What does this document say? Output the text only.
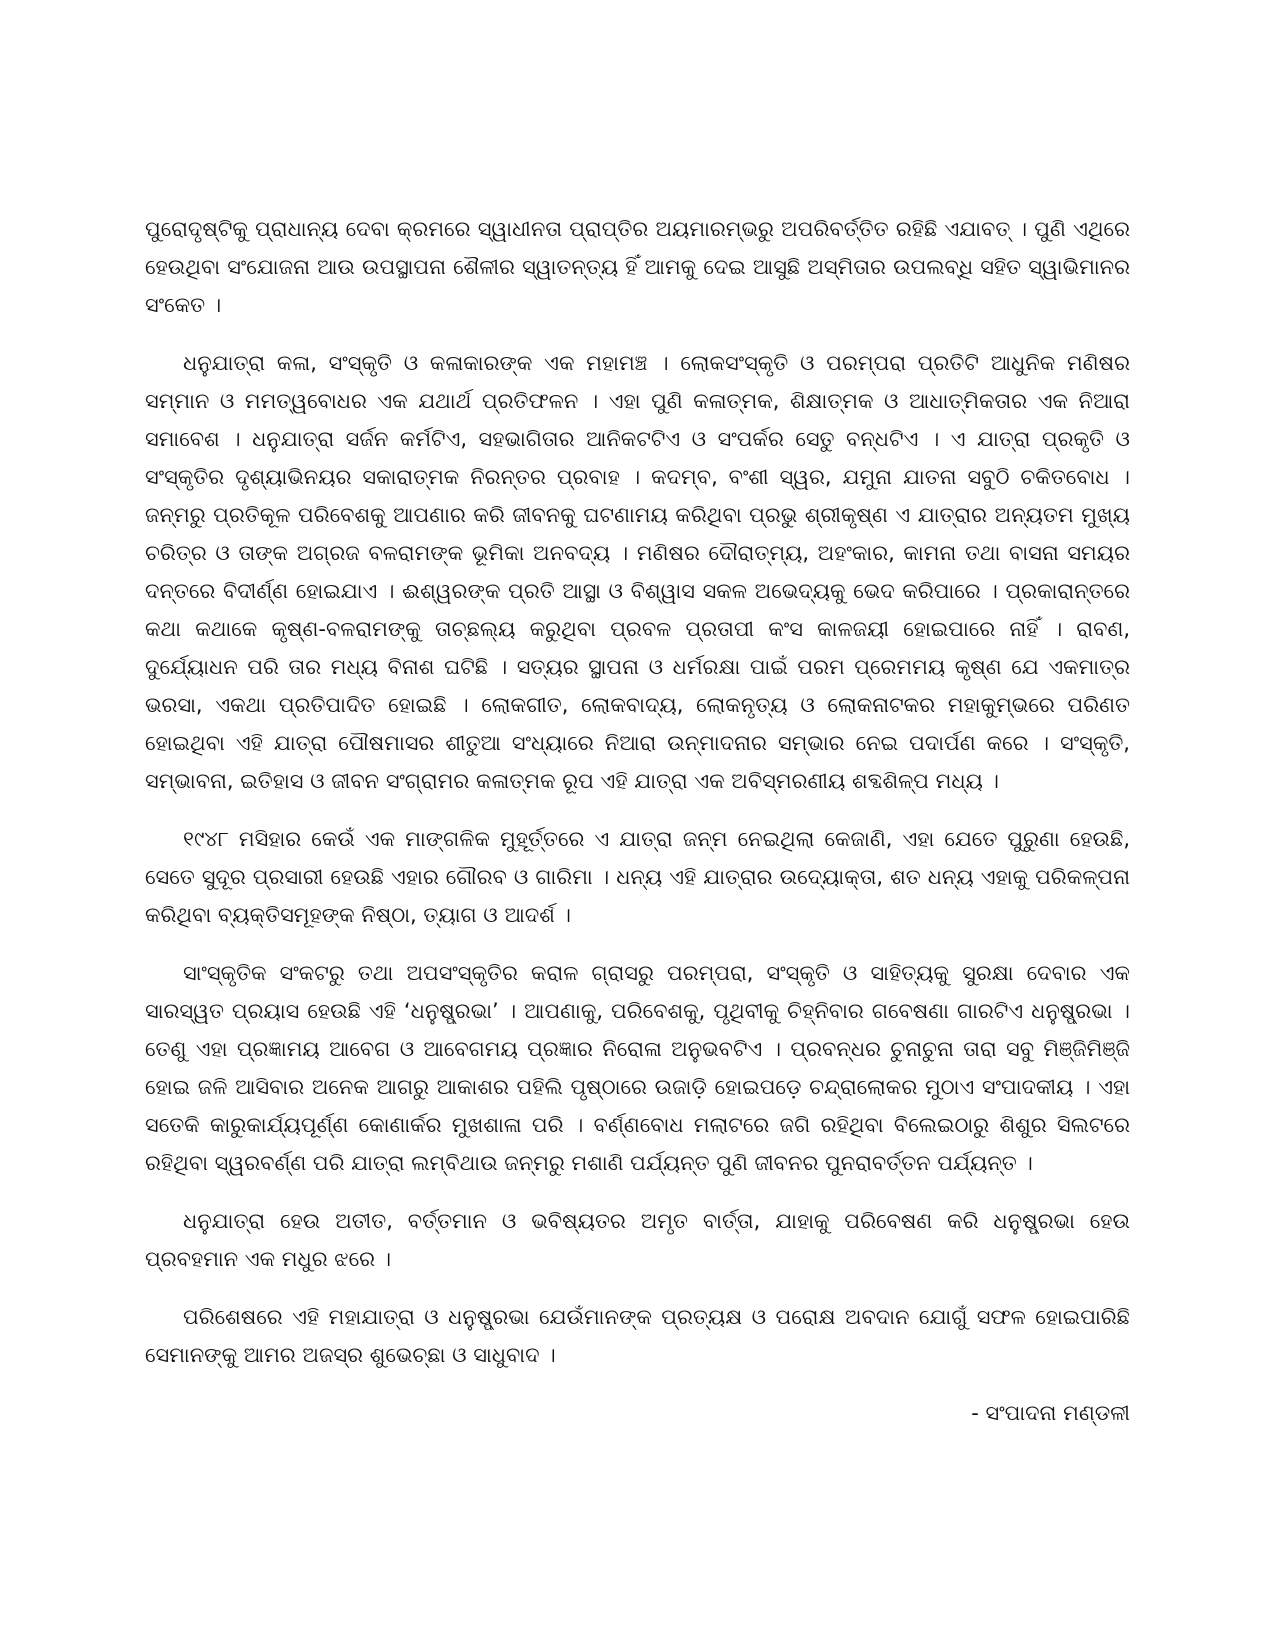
ପୁରୋଦୃଷ୍ଟିକୁ ପ୍ରାଧାନ୍ୟ ଦେବା କ୍ରମରେ ସ୍ୱାଧୀନତା ପ୍ରାପ୍ତିର ଅୟମାରମ୍ଭରୁ ଅପରିବର୍ତ୍ତିତ ରହିଛି ଏଯାବତ୍ । ପୁଣି ଏଥିରେ ହେଉଥିବା ସଂଯୋଜନା ଆଉ ଉପସ୍ଥାପନା ଶୈଳୀର ସ୍ୱାତନ୍ତ୍ୟ ହିଁ ଆମକୁ ଦେଇ ଆସୁଛି ଅସ୍ମିତାର ଉପଲବ୍ଧି ସହିତ ସ୍ୱାଭିମାନର ସଂକେତ ।

ଧନୁଯାତ୍ରା କଳା, ସଂସ୍କୃତି ଓ କଳାକାରଙ୍କ ଏକ ମହାମଞ୍ଚ । ଲୋକସଂସ୍କୃତି ଓ ପରମ୍ପରା ପ୍ରତିଟି ଆଧୁନିକ ମଣିଷର ସମ୍ମାନ ଓ ମମତ୍ୱବୋଧର ଏକ ଯଥାର୍ଥ ପ୍ରତିଫଳନ । ଏହା ପୁଣି କଳାତ୍ମକ, ଶିକ୍ଷାତ୍ମକ ଓ ଆଧାତ୍ମିକତାର ଏକ ନିଆରା ସମାବେଶ । ଧନୁଯାତ୍ରା ସର୍ଜନ କର୍ମଟିଏ, ସହଭାଗିତାର ଆନିକଟଟିଏ ଓ ସଂପର୍କର ସେତୁ ବନ୍ଧଟିଏ । ଏ ଯାତ୍ରା ପ୍ରକୃତି ଓ ସଂସ୍କୃତିର ଦୃଶ୍ୟାଭିନୟର ସକାରାତ୍ମକ ନିରନ୍ତର ପ୍ରବାହ । କଦମ୍ବ, ବଂଶୀ ସ୍ୱର, ଯମୁନା ଯାତନା ସବୁଠି ଚକିତବୋଧ । ଜନ୍ମରୁ ପ୍ରତିକୂଳ ପରିବେଶକୁ ଆପଣାର କରି ଜୀବନକୁ ଘଟଣାମୟ କରିଥିବା ପ୍ରଭୁ ଶ୍ରୀକୃଷ୍ଣ ଏ ଯାତ୍ରାର ଅନ୍ୟତମ ମୁଖ୍ୟ ଚରିତ୍ର ଓ ତାଙ୍କ ଅଗ୍ରଜ ବଳରାମଙ୍କ ଭୂମିକା ଅନବଦ୍ୟ । ମଣିଷର ଦୌରାତ୍ମ୍ୟ, ଅହଂକାର, କାମନା ତଥା ବାସନା ସମୟର ଦନ୍ତରେ ବିଦୀର୍ଣ୍ଣ ହୋଇଯାଏ । ଈଶ୍ୱରଙ୍କ ପ୍ରତି ଆସ୍ଥା ଓ ବିଶ୍ୱାସ ସକଳ ଅଭେଦ୍ୟକୁ ଭେଦ କରିପାରେ । ପ୍ରକାରାନ୍ତରେ କଥା କଥାକେ କୃଷ୍ଣ-ବଳରାମଙ୍କୁ ତାଚ୍ଛଲ୍ୟ କରୁଥିବା ପ୍ରବଳ ପ୍ରତାପୀ କଂସ କାଳଜୟୀ ହୋଇପାରେ ନାହିଁ । ରାବଣ, ଦୁର୍ଯ୍ୟୋଧନ ପରି ତାର ମଧ୍ୟ ବିନାଶ ଘଟିଛି । ସତ୍ୟର ସ୍ଥାପନା ଓ ଧର୍ମରକ୍ଷା ପାଇଁ ପରମ ପ୍ରେମମୟ କୃଷ୍ଣ ଯେ ଏକମାତ୍ର ଭରସା, ଏକଥା ପ୍ରତିପାଦିତ ହୋଇଛି । ଲୋକଗୀତ, ଲୋକବାଦ୍ୟ, ଲୋକନୃତ୍ୟ ଓ ଲୋକନାଟକର ମହାକୁମ୍ଭରେ ପରିଣତ ହୋଇଥିବା ଏହି ଯାତ୍ରା ପୌଷମାସର ଶୀତୁଆ ସଂଧ୍ୟାରେ ନିଆରା ଉନ୍ମାଦନାର ସମ୍ଭାର ନେଇ ପଦାର୍ପଣ କରେ । ସଂସ୍କୃତି, ସମ୍ଭାବନା, ଇତିହାସ ଓ ଜୀବନ ସଂଗ୍ରାମର କଳାତ୍ମକ ରୂପ ଏହି ଯାତ୍ରା ଏକ ଅବିସ୍ମରଣୀୟ ଶବ୍ଦଶିଳ୍ପ ମଧ୍ୟ ।

୧୯୪୮ ମସିହାର କେଉଁ ଏକ ମାଙ୍ଗଳିକ ମୁହୂର୍ତ୍ତରେ ଏ ଯାତ୍ରା ଜନ୍ମ ନେଇଥିଲା କେଜାଣି, ଏହା ଯେତେ ପୁରୁଣା ହେଉଛି, ସେତେ ସୁଦୂର ପ୍ରସାରୀ ହେଉଛି ଏହାର ଗୌରବ ଓ ଗାରିମା । ଧନ୍ୟ ଏହି ଯାତ୍ରାର ଉଦ୍ୟୋକ୍ତା, ଶତ ଧନ୍ୟ ଏହାକୁ ପରିକଳ୍ପନା କରିଥିବା ବ୍ୟକ୍ତିସମୂହଙ୍କ ନିଷ୍ଠା, ତ୍ୟାଗ ଓ ଆଦର୍ଶ ।

ସାଂସ୍କୃତିକ ସଂକଟରୁ ତଥା ଅପସଂସ୍କୃତିର କରାଳ ଗ୍ରାସରୁ ପରମ୍ପରା, ସଂସ୍କୃତି ଓ ସାହିତ୍ୟକୁ ସୁରକ୍ଷା ଦେବାର ଏକ ସାରସ୍ୱତ ପ୍ରୟାସ ହେଉଛି ଏହି ‘ଧନୁଷ୍ପ୍ରଭା’ । ଆପଣାକୁ, ପରିବେଶକୁ, ପୃଥିବୀକୁ ଚିହ୍ନିବାର ଗବେଷଣା ଗାରଟିଏ ଧନୁଷ୍ପ୍ରଭା । ତେଣୁ ଏହା ପ୍ରଜ୍ଞାମୟ ଆବେଗ ଓ ଆବେଗମୟ ପ୍ରଜ୍ଞାର ନିରୋଳା ଅନୁଭବଟିଏ । ପ୍ରବନ୍ଧର ଚୁନାଚୁନା ତାରା ସବୁ ମିଞ୍ଜିମିଞ୍ଜି ହୋଇ ଜଳି ଆସିବାର ଅନେକ ଆଗରୁ ଆକାଶର ପହିଲି ପୃଷ୍ଠାରେ ଉଜାଡ଼ି ହୋଇପଡ଼େ ଚନ୍ଦ୍ରାଲୋକର ମୁଠାଏ ସଂପାଦକୀୟ । ଏହା ସତେକି କାରୁକାର୍ଯ୍ୟପୂର୍ଣ୍ଣ କୋଣାର୍କର ମୁଖଶାଳା ପରି । ବର୍ଣ୍ଣବୋଧ ମଲାଟରେ ଜଗି ରହିଥିବା ବିଲେଇଠାରୁ ଶିଶୁର ସିଲଟରେ ରହିଥିବା ସ୍ୱରବର୍ଣ୍ଣ ପରି ଯାତ୍ରା ଲମ୍ବିଥାଉ ଜନ୍ମରୁ ମଶାଣି ପର୍ଯ୍ୟନ୍ତ ପୁଣି ଜୀବନର ପୁନରାବର୍ତ୍ତନ ପର୍ଯ୍ୟନ୍ତ ।

ଧନୁଯାତ୍ରା ହେଉ ଅତୀତ, ବର୍ତ୍ତମାନ ଓ ଭବିଷ୍ୟତର ଅମୃତ ବାର୍ତ୍ତା, ଯାହାକୁ ପରିବେଷଣ କରି ଧନୁଷ୍ପ୍ରଭା ହେଉ ପ୍ରବହମାନ ଏକ ମଧୁର ଝରେ ।

ପରିଶେଷରେ ଏହି ମହାଯାତ୍ରା ଓ ଧନୁଷ୍ପ୍ରଭା ଯେଉଁମାନଙ୍କ ପ୍ରତ୍ୟକ୍ଷ ଓ ପରୋକ୍ଷ ଅବଦାନ ଯୋଗୁଁ ସଫଳ ହୋଇପାରିଛି ସେମାନଙ୍କୁ ଆମର ଅଜସ୍ର ଶୁଭେଚ୍ଛା ଓ ସାଧୁବାଦ ।

- ସଂପାଦନା ମଣ୍ଡଳୀ
